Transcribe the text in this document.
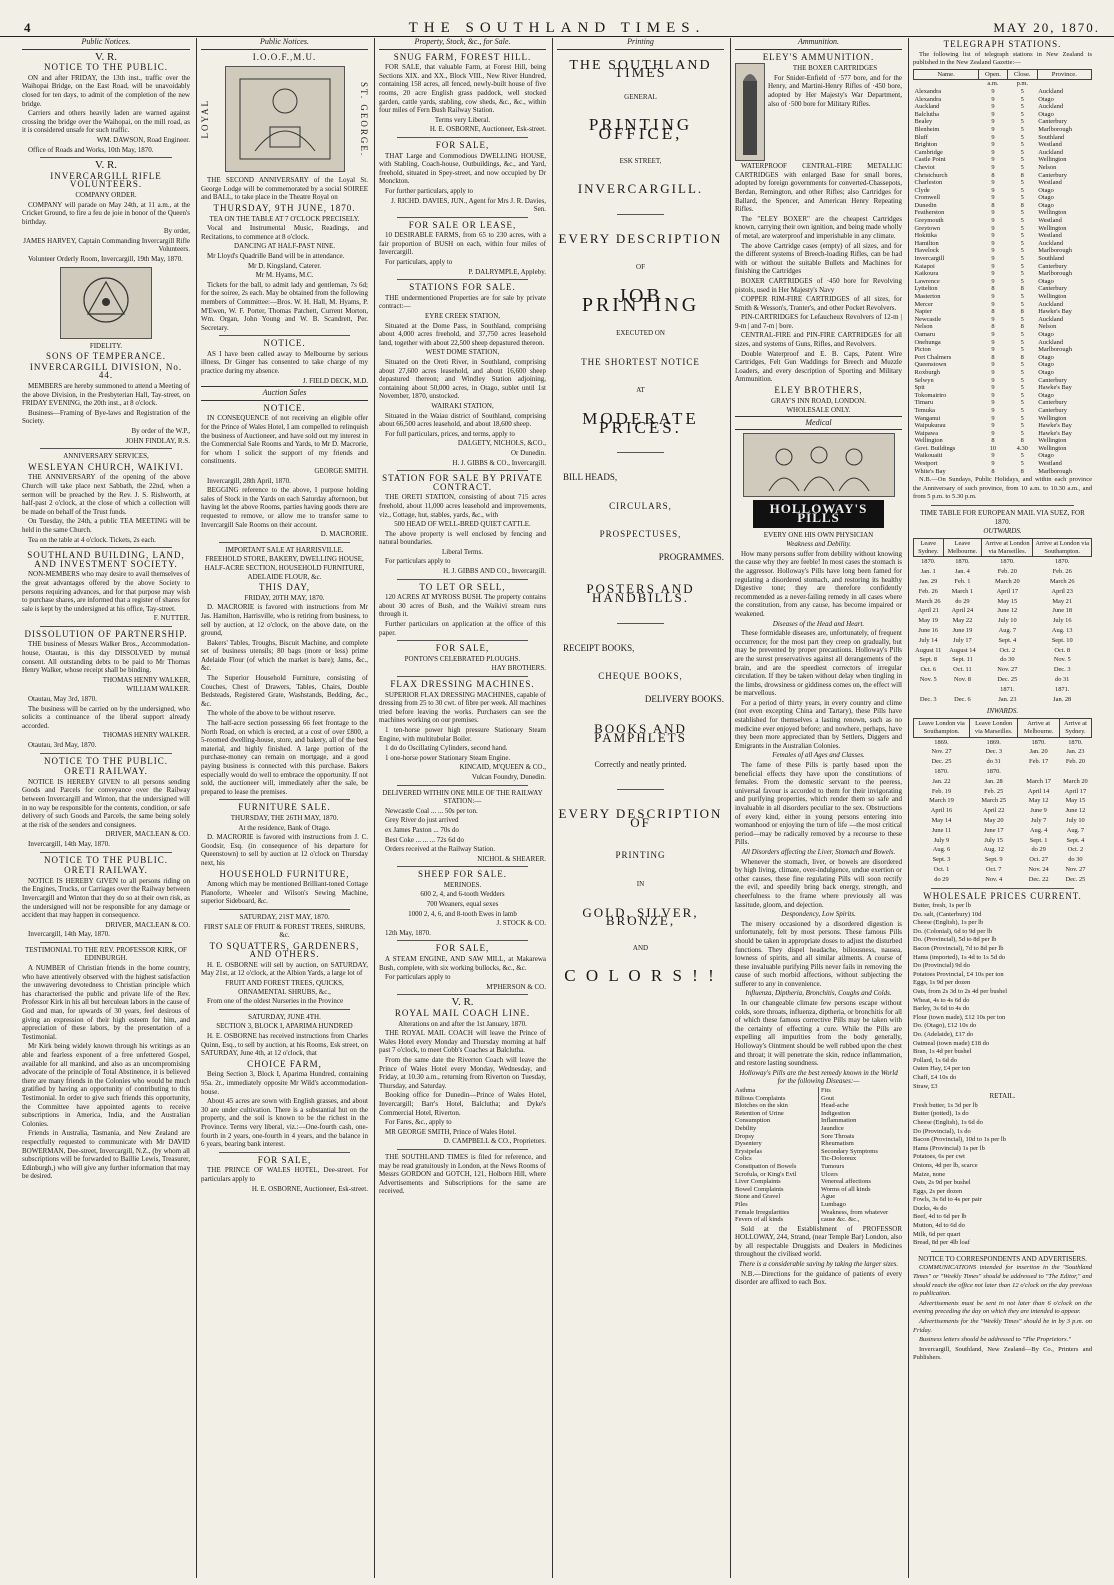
4	THE SOUTHLAND TIMES.	MAY 20, 1870.
Public Notices.
V. R.
NOTICE TO THE PUBLIC.
ON and after FRIDAY, the 13th inst., traffic over the Waihopai Bridge, on the East Road, will be unavoidably closed for ten days, to admit of the completion of the new bridge.
Carriers and others heavily laden are warned against crossing the bridge over the Waihopai, on the mill road, as it is considered unsafe for such traffic.
WM. DAWSON, Road Engineer.
Office of Roads and Works, 10th May, 1870.
V. R.
INVERCARGILL RIFLE VOLUNTEERS.
COMPANY ORDER.
COMPANY will parade on May 24th, at 11 a.m., at the Cricket Ground, to fire a feu de joie in honor of the Queen's birthday.
By order,
JAMES HARVEY, Captain Commanding Invercargill Rifle Volunteers.
Volunteer Orderly Room, Invercargill, 19th May, 1870.
FIDELITY.
SONS OF TEMPERANCE.
INVERCARGILL DIVISION, No. 44.
MEMBERS are hereby summoned to attend a Meeting of the above Division, in the Presbyterian Hall, Tay-street, on FRIDAY EVENING, the 20th inst., at 8 o'clock.
Business—Framing of Bye-laws and Registration of the Society.
By order of the W.P.,
JOHN FINDLAY, R.S.
ANNIVERSARY SERVICES,
WESLEYAN CHURCH, WAIKIVI.
THE ANNIVERSARY of the opening of the above Church will take place next Sabbath, the 22nd, when a sermon will be preached by the Rev. J. S. Rishworth, at half-past 2 o'clock, at the close of which a collection will be made on behalf of the Trust funds.
On Tuesday, the 24th, a public TEA MEETING will be held in the same Church.
Tea on the table at 4 o'clock. Tickets, 2s each.
SOUTHLAND BUILDING, LAND, AND INVESTMENT SOCIETY.
NON-MEMBERS who may desire to avail themselves of the great advantages offered by the above Society to persons requiring advances, and for that purpose may wish to purchase shares, are informed that a register of shares for sale is kept by the undersigned at his office, Tay-street.
F. NUTTER.
DISSOLUTION OF PARTNERSHIP.
THE business of Messrs Walker Bros., Accommodation-house, Otautau, is this day DISSOLVED by mutual consent. All outstanding debts to be paid to Mr Thomas Henry Walker, whose receipt shall be binding.
THOMAS HENRY WALKER,
WILLIAM WALKER.
Otautau, May 3rd, 1870.
The business will be carried on by the undersigned, who solicits a continuance of the liberal support already accorded.
THOMAS HENRY WALKER.
Otautau, 3rd May, 1870.
NOTICE TO THE PUBLIC.
ORETI RAILWAY.
NOTICE IS HEREBY GIVEN to all persons sending Goods and Parcels for conveyance over the Railway between Invercargill and Winton, that the undersigned will in no way be responsible for the contents, condition, or safe delivery of such Goods and Parcels, the same being solely at the risk of the senders and consignees.
DRIVER, MACLEAN & CO.
Invercargill, 14th May, 1870.
NOTICE TO THE PUBLIC.
ORETI RAILWAY.
NOTICE IS HEREBY GIVEN to all persons riding on the Engines, Trucks, or Carriages over the Railway between Invercargill and Winton that they do so at their own risk, as the undersigned will not be responsible for any damage or accident that may happen in consequence.
DRIVER, MACLEAN & CO.
Invercargill, 14th May, 1870.
TESTIMONIAL TO THE REV. PROFESSOR KIRK, OF EDINBURGH.
A NUMBER of Christian friends in the home country, who have attentively observed with the highest satisfaction the unwavering devotedness to Christian principle which has characterised the public and private life of the Rev. Professor Kirk in his all but herculean labors in the cause of God and man, for upwards of 30 years, feel desirous of giving an expression of their high esteem for him, and appreciation of these labors, by the presentation of a Testimonial.
Mr Kirk being widely known through his writings as an able and fearless exponent of a free unfettered Gospel, available for all mankind, and also as an uncompromising advocate of the principle of Total Abstinence, it is believed there are many friends in the Colonies who would be much gratified by having an opportunity of contributing to this Testimonial. In order to give such friends this opportunity, the Committee have appointed agents to receive subscriptions in America, India, and the Australian Colonies.
Friends in Australia, Tasmania, and New Zealand are respectfully requested to communicate with Mr DAVID BOWERMAN, Dee-street, Invercargill, N.Z., (by whom all subscriptions will be forwarded to Baillie Lewis, Treasurer, Edinburgh,) who will give any further information that may be desired.
Public Notices.
I.O.O.F.,M.U.
LOYAL	ST. GEORGE.
THE SECOND ANNIVERSARY of the Loyal St. George Lodge will be commemorated by a social SOIREE and BALL, to take place in the Theatre Royal on
THURSDAY, 9TH JUNE, 1870.
TEA ON THE TABLE AT 7 O'CLOCK PRECISELY.
Vocal and Instrumental Music, Readings, and Recitations, to commence at 8 o'clock.
DANCING AT HALF-PAST NINE.
Mr Lloyd's Quadrille Band will be in attendance.
Mr D. Kingsland, Caterer.
Mr M. Hyams, M.C.
Tickets for the ball, to admit lady and gentleman, 7s 6d; for the soiree, 2s each. May be obtained from the following members of Committee:—Bros. W. H. Hall, M. Hyams, P. M'Ewen, W. F. Porter, Thomas Patchett, Current Morton, Wm. Organ, John Young and W. B. Scandrett, Per. Secretary.
NOTICE.
AS I have been called away to Melbourne by serious illness, Dr Ginger has consented to take charge of my practice during my absence.
J. FIELD DECK, M.D.
Auction Sales
NOTICE.
IN CONSEQUENCE of not receiving an eligible offer for the Prince of Wales Hotel, I am compelled to relinquish the business of Auctioneer, and have sold out my interest in the Commercial Sale Rooms and Yards, to Mr D. Macrorie, for whom I solicit the support of my friends and constituents.
GEORGE SMITH.
Invercargill, 28th April, 1870.
BEGGING reference to the above, I purpose holding sales of Stock in the Yards on each Saturday afternoon, but having let the above Rooms, parties having goods there are requested to remove, or allow me to transfer same to Invercargill Sale Rooms on their account.
D. MACRORIE.
IMPORTANT SALE AT HARRISVILLE.
FREEHOLD STORE, BAKERY, DWELLING HOUSE, HALF-ACRE SECTION, HOUSEHOLD FURNITURE, ADELAIDE FLOUR, &c.
THIS DAY,
FRIDAY, 20TH MAY, 1870.
D. MACRORIE is favored with instructions from Mr Jas. Hamilton, Harrisville, who is retiring from business, to sell by auction, at 12 o'clock, on the above date, on the ground,
Bakers' Tables, Troughs, Biscuit Machine, and complete set of business utensils; 80 bags (more or less) prime Adelaide Flour (of which the market is bare); Jams, &c., &c.
The Superior Household Furniture, consisting of Couches, Chest of Drawers, Tables, Chairs, Double Bedsteads, Registered Grate, Washstands, Bedding, &c., &c.
The whole of the above to be without reserve.
The half-acre section possessing 66 feet frontage to the North Road, on which is erected, at a cost of over £800, a 5-roomed dwelling-house, store, and bakery, all of the best material, and highly finished. A large portion of the purchase-money can remain on mortgage, and a good paying business is connected with this purchase. Bakers especially would do well to embrace the opportunity. If not sold, the auctioneer will, immediately after the sale, be prepared to lease the premises.
FURNITURE SALE.
THURSDAY, THE 26TH MAY, 1870.
At the residence, Bank of Otago.
D. MACRORIE is favored with instructions from J. C. Goodsir, Esq. (in consequence of his departure for Queenstown) to sell by auction at 12 o'clock on Thursday next, his
HOUSEHOLD FURNITURE,
Among which may be mentioned Brilliant-toned Cottage Pianoforte, Wheeler and Wilson's Sewing Machine, superior Sideboard, &c.
SATURDAY, 21ST MAY, 1870.
FIRST SALE OF FRUIT & FOREST TREES, SHRUBS, &c.
TO SQUATTERS, GARDENERS, AND OTHERS.
H. E. OSBORNE will sell by auction, on SATURDAY, May 21st, at 12 o'clock, at the Albion Yards, a large lot of
FRUIT AND FOREST TREES, QUICKS, ORNAMENTAL SHRUBS, &c.,
From one of the oldest Nurseries in the Province
SATURDAY, JUNE 4TH.
SECTION 3, BLOCK I, APARIMA HUNDRED
H. E. OSBORNE has received instructions from Charles Quinn, Esq., to sell by auction, at his Rooms, Esk street, on SATURDAY, June 4th, at 12 o'clock, that
CHOICE FARM,
Being Section 3, Block I, Aparima Hundred, containing 95a. 2r., immediately opposite Mr Wild's accommodation-house.
About 45 acres are sown with English grasses, and about 30 are under cultivation. There is a substantial hut on the property, and the soil is known to be the richest in the Province. Terms very liberal, viz.:—One-fourth cash, one-fourth in 2 years, one-fourth in 4 years, and the balance in 6 years, bearing bank interest.
FOR SALE,
THE PRINCE OF WALES HOTEL, Dee-street. For particulars apply to
H. E. OSBORNE, Auctioneer, Esk-street.
Property, Stock, &c., for Sale.
SNUG FARM, FOREST HILL.
FOR SALE, that valuable Farm, at Forest Hill, being Sections XIX. and XX., Block VIII., New River Hundred, containing 158 acres, all fenced, newly-built house of five rooms, 20 acre English grass paddock, well stocked garden, cattle yards, stabling, cow sheds, &c., &c., within four miles of Fern Bush Railway Station.
Terms very Liberal.
H. E. OSBORNE, Auctioneer, Esk-street.
FOR SALE,
THAT Large and Commodious DWELLING HOUSE, with Stabling, Coach-house, Outbuildings, &c., and Yard, freehold, situated in Spey-street, and now occupied by Dr Monckton.
For further particulars, apply to
J. RICHD. DAVIES, JUN., Agent for Mrs J. R. Davies, Sen.
FOR SALE OR LEASE,
10 DESIRABLE FARMS, from 65 to 230 acres, with a fair proportion of BUSH on each, within four miles of Invercargill.
For particulars, apply to
P. DALRYMPLE, Appleby.
STATIONS FOR SALE.
THE undermentioned Properties are for sale by private contract:—
EYRE CREEK STATION,
Situated at the Dome Pass, in Southland, comprising about 4,000 acres freehold, and 37,750 acres leasehold land, together with about 22,500 sheep depastured thereon.
WEST DOME STATION,
Situated on the Oreti River, in Southland, comprising about 27,600 acres leasehold, and about 16,600 sheep depastured thereon; and Windley Station adjoining, containing about 50,000 acres, in Otago, sublet until 1st November, 1870, unstocked.
WAIRAKI STATION,
Situated in the Waiau district of Southland, comprising about 66,500 acres leasehold, and about 18,600 sheep.
For full particulars, prices, and terms, apply to
DALGETY, NICHOLS, &CO.,
Or Dunedin.
H. J. GIBBS & CO., Invercargill.
STATION FOR SALE BY PRIVATE CONTRACT.
THE ORETI STATION, consisting of about 715 acres freehold, about 11,000 acres leasehold and improvements, viz., Cottage, hut, stables, yards, &c., with
500 HEAD OF WELL-BRED QUIET CATTLE.
The above property is well enclosed by fencing and natural boundaries.
Liberal Terms.
For particulars apply to
H. J. GIBBS AND CO., Invercargill.
TO LET OR SELL,
120 ACRES AT MYROSS BUSH. The property contains about 30 acres of Bush, and the Waikivi stream runs through it.
Further particulars on application at the office of this paper.
FOR SALE,
PONTON'S CELEBRATED PLOUGHS.
HAY BROTHERS.
FLAX DRESSING MACHINES.
SUPERIOR FLAX DRESSING MACHINES, capable of dressing from 25 to 30 cwt. of fibre per week. All machines tried before leaving the works. Purchasers can see the machines working on our premises.
1 ten-horse power high pressure Stationary Steam Engine, with multitubular Boiler.
1 do do Oscillating Cylinders, second hand.
1 one-horse power Stationary Steam Engine.
KINCAID, M'QUEEN & CO.,
Vulcan Foundry, Dunedin.
DELIVERED WITHIN ONE MILE OF THE RAILWAY STATION:—
Newcastle Coal ... ... 50s per ton.
Grey River do just arrived
ex James Paxton ... 70s do
Best Coke ... ... ... 72s 6d do
Orders received at the Railway Station.
NICHOL & SHEARER.
SHEEP FOR SALE.
MERINOES.
600 2, 4, and 6-tooth Wedders
700 Weaners, equal sexes
1000 2, 4, 6, and 8-tooth Ewes in lamb
J. STOCK & CO.
12th May, 1870.
FOR SALE,
A STEAM ENGINE, AND SAW MILL, at Makarewa Bush, complete, with six working bullocks, &c., &c.
For particulars apply to
M'PHERSON & CO.
V. R.
ROYAL MAIL COACH LINE.
Alterations on and after the 1st January, 1870.
THE ROYAL MAIL COACH will leave the Prince of Wales Hotel every Monday and Thursday morning at half past 7 o'clock, to meet Cobb's Coaches at Balclutha.
From the same date the Riverton Coach will leave the Prince of Wales Hotel every Monday, Wednesday, and Friday, at 10.30 a.m., returning from Riverton on Tuesday, Thursday, and Saturday.
Booking office for Dunedin—Prince of Wales Hotel, Invercargill; Barr's Hotel, Balclutha; and Dyke's Commercial Hotel, Riverton.
For Fares, &c., apply to
MR GEORGE SMITH, Prince of Wales Hotel.
D. CAMPBELL & CO., Proprietors.
THE SOUTHLAND TIMES is filed for reference, and may be read gratuitously in London, at the News Rooms of Messrs GORDON and GOTCH, 121, Holborn Hill, where Advertisements and Subscriptions for the same are received.
Printing
THE SOUTHLAND TIMES
GENERAL
PRINTING OFFICE,
ESK STREET,
INVERCARGILL.
EVERY DESCRIPTION
OF
JOB PRINTING
EXECUTED ON
THE SHORTEST NOTICE
AT
MODERATE PRICES.
BILL HEADS,
CIRCULARS,
PROSPECTUSES,
PROGRAMMES.
POSTERS AND HANDBILLS.
RECEIPT BOOKS,
CHEQUE BOOKS,
DELIVERY BOOKS.
BOOKS AND PAMPHLETS
Correctly and neatly printed.
EVERY DESCRIPTION OF
PRINTING
IN
GOLD, SILVER, BRONZE,
AND
C O L O R S ! !
Ammunition.
ELEY'S AMMUNITION.
THE BOXER CARTRIDGES
For Snider-Enfield of ·577 bore, and for the Henry, and Martini-Henry Rifles of ·450 bore, adopted by Her Majesty's War Department, also of ·500 bore for Military Rifles.
WATERPROOF CENTRAL-FIRE METALLIC CARTRIDGES with enlarged Base for small bores, adopted by foreign governments for converted-Chassepots, Berdan, Remington, and other Rifles; also Cartridges for Ballard, the Spencer, and American Henry Repeating Rifles.
The "ELEY BOXER" are the cheapest Cartridges known, carrying their own ignition, and being made wholly of metal, are waterproof and imperishable in any climate.
The above Cartridge cases (empty) of all sizes, and for the different systems of Breech-loading Rifles, can be had with or without the suitable Bullets and Machines for finishing the Cartridges
BOXER CARTRIDGES of ·450 bore for Revolving pistols, used in Her Majesty's Navy
COPPER RIM-FIRE CARTRIDGES of all sizes, for Smith & Wesson's, Tranter's, and other Pocket Revolvers.
PIN-CARTRIDGES for Lefaucheux Revolvers of 12-m | 9-m | and 7-m | bore.
CENTRAL-FIRE and PIN-FIRE CARTRIDGES for all sizes, and systems of Guns, Rifles, and Revolvers.
Double Waterproof and E. B. Caps, Patent Wire Cartridges, Felt Gun Waddings for Breech and Muzzle Loaders, and every description of Sporting and Military Ammunition.
ELEY BROTHERS,
GRAY'S INN ROAD, LONDON.
WHOLESALE ONLY.
Medical
HOLLOWAY'S PILLS
EVERY ONE HIS OWN PHYSICIAN
Weakness and Debility.
How many persons suffer from debility without knowing the cause why they are feeble! In most cases the stomach is the aggressor. Holloway's Pills have long been famed for regulating a disordered stomach, and restoring its healthy Digestive tone; they are therefore confidently recommended as a never-failing remedy in all cases where the constitution, from any cause, has become impaired or weakened.
Diseases of the Head and Heart.
These formidable diseases are, unfortunately, of frequent occurrence; for the most part they creep on gradually, but may be prevented by proper precautions. Holloway's Pills are the surest preservatives against all derangements of the brain, and are the speediest correctors of irregular circulation. If they be taken without delay when tingling in the limbs, drowsiness or giddiness comes on, the effect will be marvellous.
For a period of thirty years, in every country and clime (not even excepting China and Tartary), these Pills have established for themselves a lasting renown, such as no medicine ever enjoyed before; and nowhere, perhaps, have they been more appreciated than by Settlers, Diggers and Emigrants in the Australian Colonies.
Females of all Ages and Classes.
The fame of these Pills is partly based upon the beneficial effects they have upon the constitutions of females. From the domestic servant to the peeress, universal favour is accorded to them for their invigorating and purifying properties, which render them so safe and invaluable in all disorders peculiar to the sex. Obstructions of every kind, either in young persons entering into womanhood or enjoying the turn of life —the most critical period—may be radically removed by a recourse to these Pills.
All Disorders affecting the Liver, Stomach and Bowels.
Whenever the stomach, liver, or bowels are disordered by high living, climate, over-indulgence, undue exertion or other causes, these fine regulating Pills will soon rectify the evil, and speedily bring back energy, strength, and cheerfulness to the frame where previously all was lassitude, gloom, and dejection.
Despondency, Low Spirits.
The misery occasioned by a disordered digestion is unfortunately, felt by most persons. These famous Pills should be taken in appropriate doses to adjust the disturbed functions. They dispel headache, biliousness, nausea, lowness of spirits, and all similar ailments. A course of these invaluable purifying Pills never fails in removing the cause of such morbid affections, without subjecting the sufferer to any in convenience.
Influenza, Diptheria, Bronchitis, Coughs and Colds.
In our changeable climate few persons escape without colds, sore throats, influenza, diptheria, or bronchitis for all of which these famous corrective Pills may be taken with the certainty of effecting a cure. While the Pills are expelling all impurities from the body generally, Holloway's Ointment should be well rubbed upon the chest and throat; it will penetrate the skin, reduce inflammation, and restore lasting soundness.
Holloway's Pills are the best remedy known in the World for the following Diseases:—
Asthma
Bilious Complaints
Blotches on the skin
Retention of Urine
Consumption
Debility
Dropsy
Dysentery
Erysipelas
Colics
Constipation of Bowels
Scrofula, or King's Evil
Liver Complaints
Bowel Complaints
Stone and Gravel
Piles
Female Irregularities
Fevers of all kinds
Fits
Gout
Head-ache
Indigestion
Inflammation
Jaundice
Sore Throats
Rheumatism
Secondary Symptoms
Tic-Doloreux
Tumours
Ulcers
Venereal affections
Worms of all kinds
Ague
Lumbago
Weakness, from whatever cause &c. &c.,
Sold at the Establishment of PROFESSOR HOLLOWAY, 244, Strand, (near Temple Bar) London, also by all respectable Druggists and Dealers in Medicines throughout the civilised world.
There is a considerable saving by taking the larger sizes.
N.B.—Directions for the guidance of patients of every disorder are affixed to each Box.
TELEGRAPH STATIONS.
The following list of telegraph stations in New Zealand is published in the New Zealand Gazette:—
Name.	Open.	Close.	Province.
	a.m.	p.m.	
Alexandra	9	5	Auckland
Alexandra	9	5	Otago
Auckland	9	5	Auckland
Balclutha	9	5	Otago
Bealey	9	5	Canterbury
Blenheim	9	5	Marlborough
Bluff	9	5	Southland
Brighton	9	5	Westland
Cambridge	9	5	Auckland
Castle Point	9	5	Wellington
Cheviot	9	5	Nelson
Christchurch	8	8	Canterbury
Charleston	9	5	Westland
Clyde	9	5	Otago
Cromwell	9	5	Otago
Dunedin	8	8	Otago
Featherston	9	5	Wellington
Greymouth	9	5	Westland
Greytown	9	5	Wellington
Hokitika	9	5	Westland
Hamilton	9	5	Auckland
Havelock	9	5	Marlborough
Invercargill	9	5	Southland
Kaiapoi	9	5	Canterbury
Kaikoura	9	5	Marlborough
Lawrence	9	5	Otago
Lyttelton	8	8	Canterbury
Masterton	9	5	Wellington
Mercer	9	5	Auckland
Napier	8	8	Hawke's Bay
Newcastle	9	5	Auckland
Nelson	8	8	Nelson
Oamaru	9	5	Otago
Onehunga	9	5	Auckland
Picton	9	5	Marlborough
Port Chalmers	8	8	Otago
Queenstown	9	5	Otago
Roxburgh	9	5	Otago
Selwyn	9	5	Canterbury
Spit	9	5	Hawke's Bay
Tokomairiro	9	5	Otago
Timaru	9	5	Canterbury
Temuka	9	5	Canterbury
Wanganui	9	5	Wellington
Waipukurau	9	5	Hawke's Bay
Waipawa	9	5	Hawke's Bay
Wellington	8	8	Wellington
Govt. Buildings	10	4.30	Wellington
Waikouaiti	9	5	Otago
Westport	9	5	Westland
White's Bay	8	8	Marlborough
N.B.—On Sundays, Public Holidays, and within each province the Anniversary of such province, from 10 a.m. to 10.30 a.m., and from 5 p.m. to 5.30 p.m.
TIME TABLE FOR EUROPEAN MAIL VIA SUEZ, FOR 1870.
OUTWARDS.
Leave Sydney.	Leave Melbourne.	Arrive at London via Marseilles.	Arrive at London via Southampton.
1870.	1870.	1870.	1870.
Jan. 1	Jan. 4	Feb. 20	Feb. 26
Jan. 29	Feb. 1	March 20	March 26
Feb. 26	March 1	April 17	April 23
March 26	do 29	May 15	May 21
April 21	April 24	June 12	June 18
May 19	May 22	July 10	July 16
June 16	June 19	Aug. 7	Aug. 13
July 14	July 17	Sept. 4	Sept. 10
August 11	August 14	Oct. 2	Oct. 8
Sept. 8	Sept. 11	do 30	Nov. 5
Oct. 6	Oct. 11	Nov. 27	Dec. 3
Nov. 5	Nov. 8	Dec. 25	do 31
		1871.	1871.
Dec. 3	Dec. 6	Jan. 23	Jan. 28
INWARDS.
Leave London via Southampton.	Leave London via Marseilles.	Arrive at Melbourne.	Arrive at Sydney.
1869.	1869.	1870.	1870.
Nov. 27	Dec. 3	Jan. 20	Jan. 23
Dec. 25	do 31	Feb. 17	Feb. 20
1870.	1870.		
Jan. 22	Jan. 28	March 17	March 20
Feb. 19	Feb. 25	April 14	April 17
March 19	March 25	May 12	May 15
April 16	April 22	June 9	June 12
May 14	May 20	July 7	July 10
June 11	June 17	Aug. 4	Aug. 7
July 9	July 15	Sept. 1	Sept. 4
Aug. 6	Aug. 12	do 29	Oct. 2
Sept. 3	Sept. 9	Oct. 27	do 30
Oct. 1	Oct. 7	Nov. 24	Nov. 27
do 29	Nov. 4	Dec. 22	Dec. 25
WHOLESALE PRICES CURRENT.
Butter, fresh, 1s per lb
Do. salt, (Canterbury) 10d
Cheese (English), 1s per lb
Do. (Colonial), 6d to 9d per lb
Do. (Provincial), 5d to 8d per lb
Bacon (Provincial), 7d to 8d per lb
Hams (imported), 1s 4d to 1s 5d do
Do (Provincial) 9d do
Potatoes Provincial, £4 10s per ton
Eggs, 1s 9d per dozen
Oats, from 2s 3d to 2s 4d per bushel
Wheat, 4s to 4s 6d do
Barley, 3s 6d to 4s do
Flour (town made), £12 10s per ton
Do. (Otago), £12 10s do
Do. (Adelaide), £17 do
Oatmeal (town made) £18 do
Bran, 1s 4d per bushel
Pollard, 1s 6d do
Oaten Hay, £4 per ton
Chaff, £4 10s do
Straw, £3
RETAIL.
Fresh butter, 1s 3d per lb
Butter (potted), 1s do
Cheese (English), 1s 6d do
Do (Provincial), 1s do
Bacon (Provincial), 10d to 1s per lb
Hams (Provincial) 1s per lb
Potatoes, 6s per cwt
Onions, 4d per lb, scarce
Maize, none
Oats, 2s 9d per bushel
Eggs, 2s per dozen
Fowls, 3s 6d to 4s per pair
Ducks, 4s do
Beef, 4d to 6d per lb
Mutton, 4d to 6d do
Milk, 6d per quart
Bread, 8d per 4lb loaf
NOTICE TO CORRESPONDENTS AND ADVERTISERS.
COMMUNICATIONS intended for insertion in the "Southland Times" or "Weekly Times" should be addressed to "The Editor," and should reach the office not later than 12 o'clock on the day previous to publication.
Advertisements must be sent in not later than 6 o'clock on the evening preceding the day on which they are intended to appear.
Advertisements for the "Weekly Times" should be in by 3 p.m. on Friday.
Business letters should be addressed to "The Proprietors."
Invercargill, Southland, New Zealand—By Co., Printers and Publishers.
